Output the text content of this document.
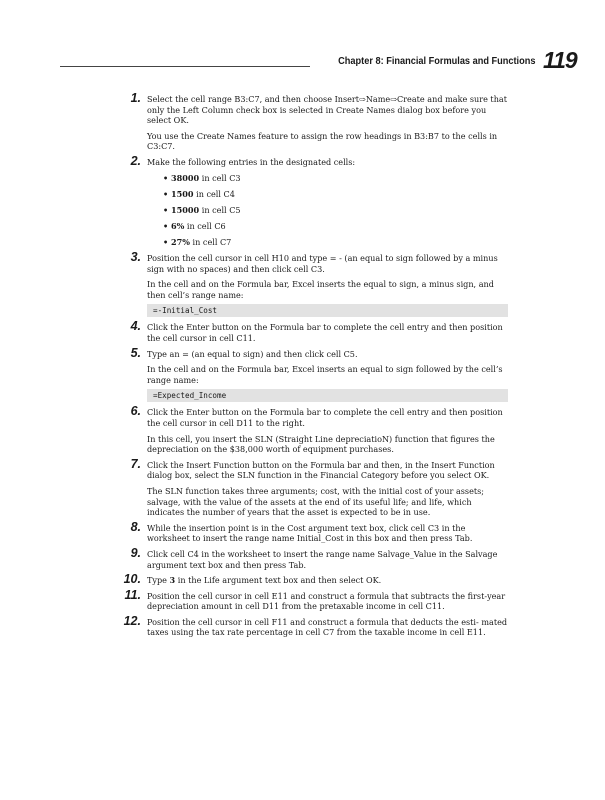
Chapter 8: Financial Formulas and Functions 119
1. Select the cell range B3:C7, and then choose Insert⇨Name⇨Create and make sure that only the Left Column check box is selected in Create Names dialog box before you select OK.

You use the Create Names feature to assign the row headings in B3:B7 to the cells in C3:C7.

2. Make the following entries in the designated cells:

• 38000 in cell C3
• 1500 in cell C4
• 15000 in cell C5
• 6% in cell C6
• 27% in cell C7
3. Position the cell cursor in cell H10 and type = - (an equal to sign followed by a minus sign with no spaces) and then click cell C3.

In the cell and on the Formula bar, Excel inserts the equal to sign, a minus sign, and then cell’s range name:

=-Initial_Cost
4. Click the Enter button on the Formula bar to complete the cell entry and then position the cell cursor in cell C11.

5. Type an = (an equal to sign) and then click cell C5.

In the cell and on the Formula bar, Excel inserts an equal to sign followed by the cell’s range name:

=Expected_Income
6. Click the Enter button on the Formula bar to complete the cell entry and then position the cell cursor in cell D11 to the right.

In this cell, you insert the SLN (Straight Line depreciatioN) function that figures the depreciation on the $38,000 worth of equipment purchases.

7. Click the Insert Function button on the Formula bar and then, in the Insert Function dialog box, select the SLN function in the Financial Category before you select OK.

The SLN function takes three arguments; cost, with the initial cost of your assets; salvage, with the value of the assets at the end of its useful life; and life, which indicates the number of years that the asset is expected to be in use.

8. While the insertion point is in the Cost argument text box, click cell C3 in the worksheet to insert the range name Initial_Cost in this box and then press Tab.

9. Click cell C4 in the worksheet to insert the range name Salvage_Value in the Salvage argument text box and then press Tab.

10. Type 3 in the Life argument text box and then select OK.

11. Position the cell cursor in cell E11 and construct a formula that subtracts the first-year depreciation amount in cell D11 from the pretaxable income in cell C11.

12. Position the cell cursor in cell F11 and construct a formula that deducts the esti- mated taxes using the tax rate percentage in cell C7 from the taxable income in cell E11.
